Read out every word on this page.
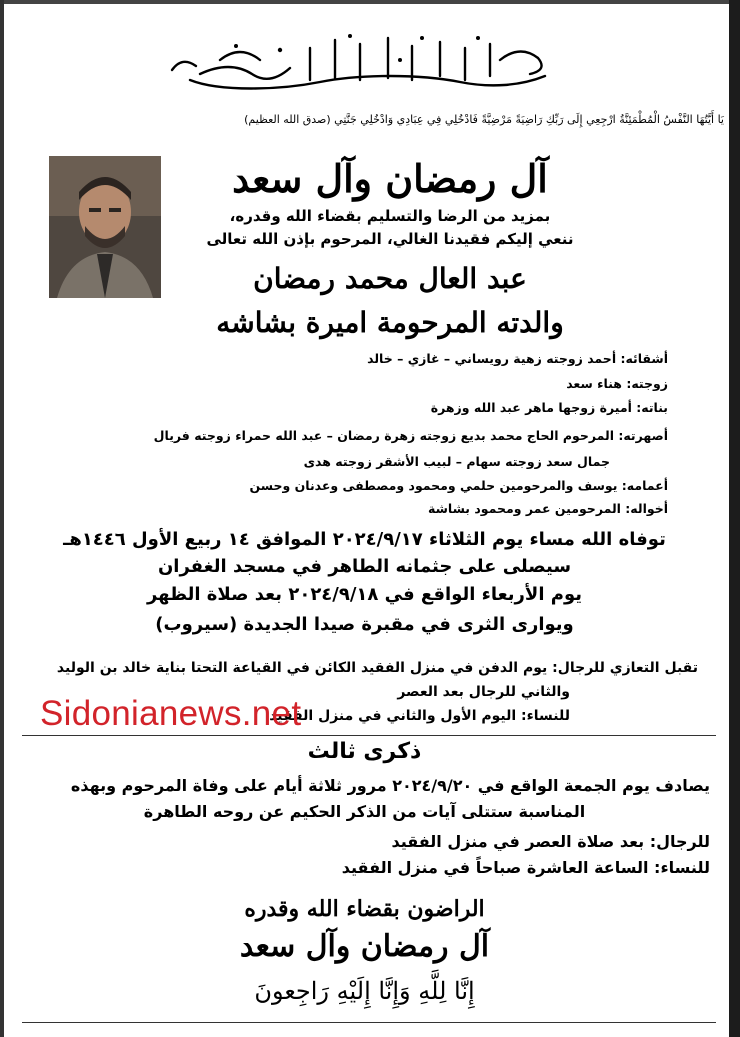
يَا أَيَّتُهَا النَّفْسُ الْمُطْمَئِنَّةُ ارْجِعِي إِلَى رَبِّكِ رَاضِيَةً مَرْضِيَّةً فَادْخُلِي فِي عِبَادِي وَادْخُلِي جَنَّتِي (صدق الله العظيم)
آل رمضان وآل سعد
بمزيد من الرضا والتسليم بقضاء الله وقدره،
ننعي إليكم فقيدنا الغالي، المرحوم بإذن الله تعالى
عبد العال محمد رمضان
والدته المرحومة اميرة بشاشه
أشقائه: أحمد زوجته زهية رويساني – غازي – خالد
زوجته: هناء سعد
بناته: أميرة زوجها ماهر عبد الله وزهرة
أصهرته: المرحوم الحاج محمد بديع زوجته زهرة رمضان – عبد الله حمراء زوجته فريال
جمال سعد زوجته سهام – لبيب الأشقر زوجته هدى
أعمامه: يوسف والمرحومين حلمي ومحمود ومصطفى وعدنان وحسن
أخواله: المرحومين عمر ومحمود بشاشة
توفاه الله مساء يوم الثلاثاء ٢٠٢٤/٩/١٧ الموافق ١٤ ربيع الأول ١٤٤٦هـ
سيصلى على جثمانه الطاهر في مسجد الغفران
يوم الأربعاء الواقع في ٢٠٢٤/٩/١٨ بعد صلاة الظهر
ويوارى الثرى في مقبرة صيدا الجديدة (سيروب)
تقبل التعازي للرجال: يوم الدفن في منزل الفقيد الكائن في القياعة التحتا بناية خالد بن الوليد
والثاني للرجال بعد العصر
للنساء: اليوم الأول والثاني في منزل الفقيد
Sidonianews.net
ذكرى ثالث
يصادف يوم الجمعة الواقع في ٢٠٢٤/٩/٢٠ مرور ثلاثة أيام على وفاة المرحوم وبهذه
المناسبة ستتلى آيات من الذكر الحكيم عن روحه الطاهرة
للرجال: بعد صلاة العصر في منزل الفقيد
للنساء: الساعة العاشرة صباحاً في منزل الفقيد
الراضون بقضاء الله وقدره
آل رمضان وآل سعد
إِنَّا لِلَّهِ وَإِنَّا إِلَيْهِ رَاجِعونَ
